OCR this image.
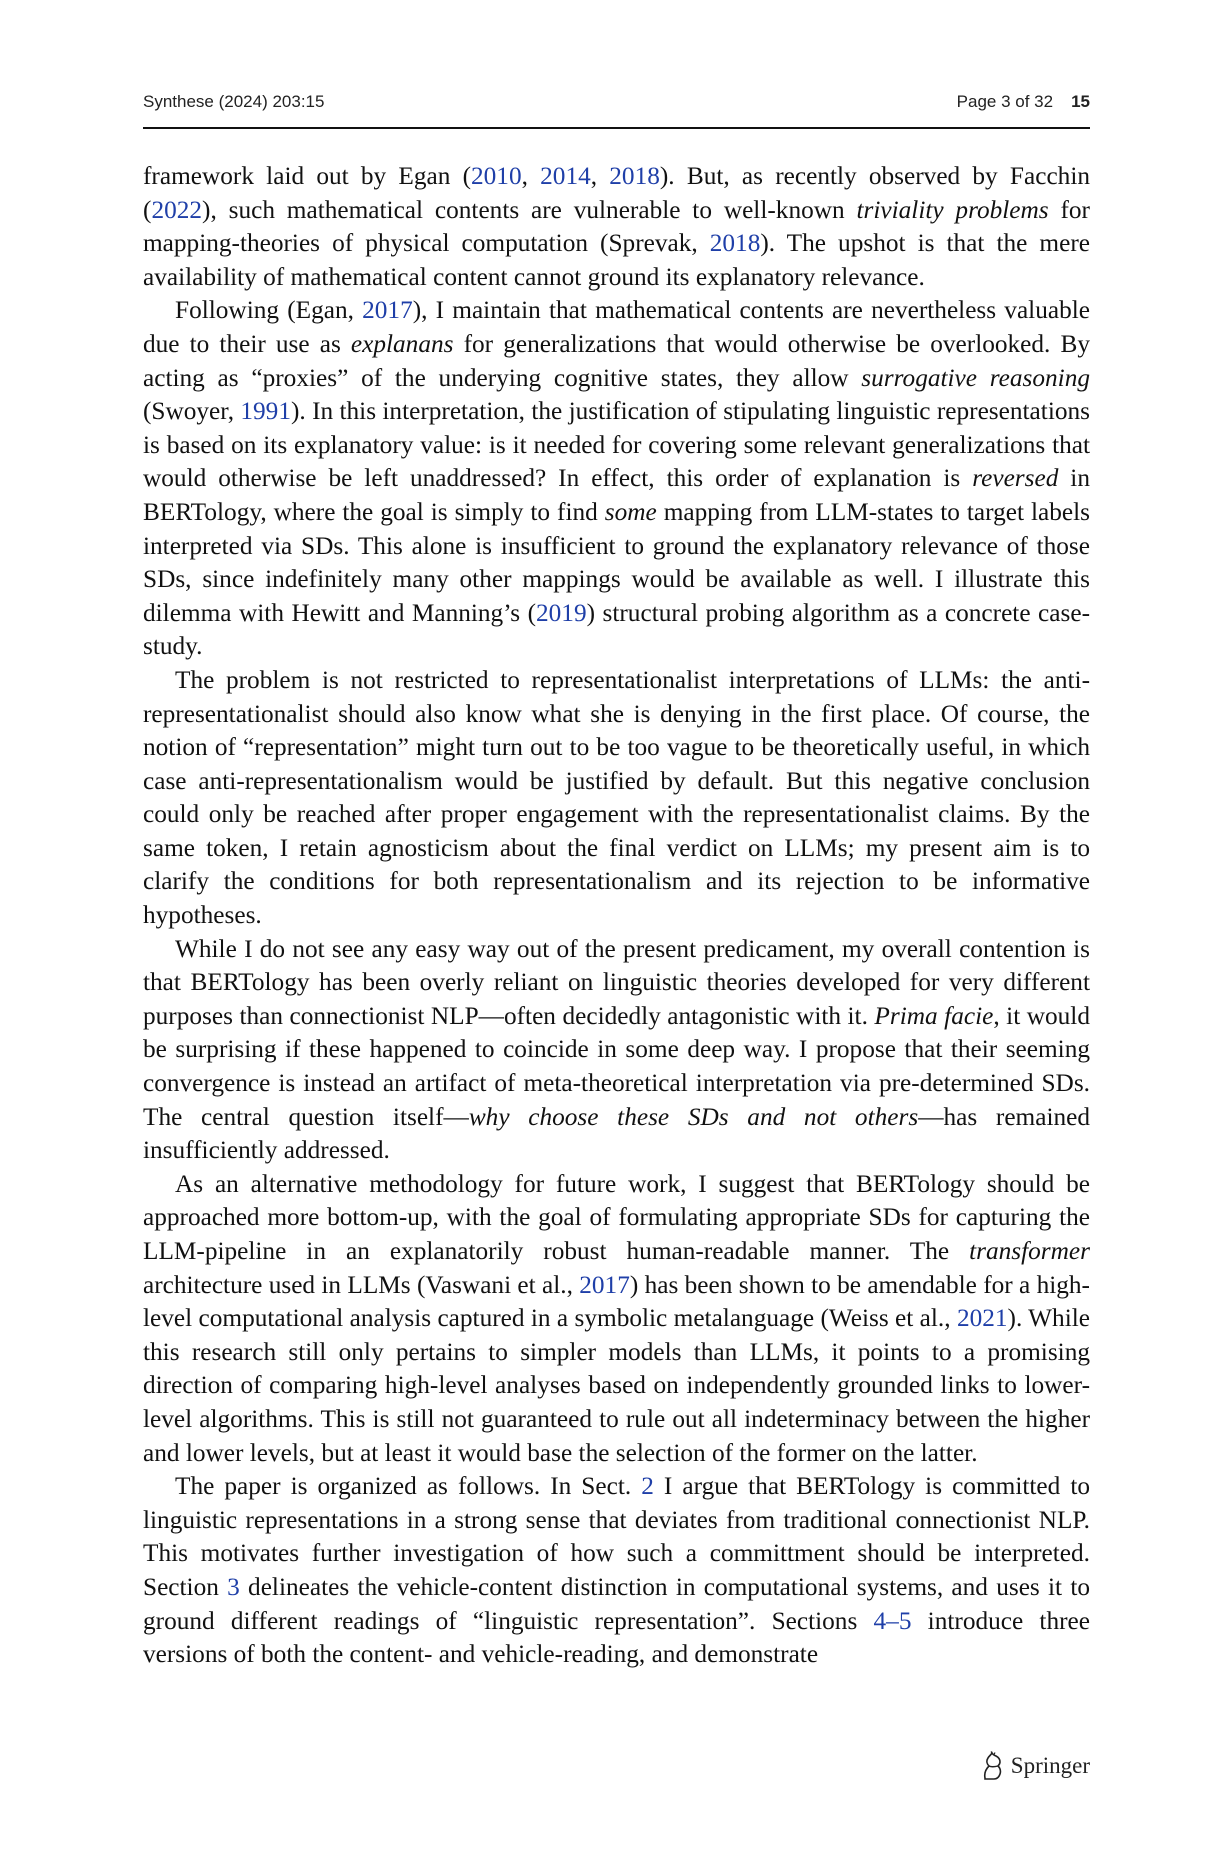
Synthese (2024) 203:15	Page 3 of 32 15

framework laid out by Egan (2010, 2014, 2018). But, as recently observed by Facchin (2022), such mathematical contents are vulnerable to well-known triviality problems for mapping-theories of physical computation (Sprevak, 2018). The upshot is that the mere availability of mathematical content cannot ground its explanatory relevance.

Following (Egan, 2017), I maintain that mathematical contents are nevertheless valuable due to their use as explanans for generalizations that would otherwise be overlooked. By acting as “proxies” of the underying cognitive states, they allow surrogative reasoning (Swoyer, 1991). In this interpretation, the justification of stipulating linguistic representations is based on its explanatory value: is it needed for covering some relevant generalizations that would otherwise be left unaddressed? In effect, this order of explanation is reversed in BERTology, where the goal is simply to find some mapping from LLM-states to target labels interpreted via SDs. This alone is insufficient to ground the explanatory relevance of those SDs, since indefinitely many other mappings would be available as well. I illustrate this dilemma with Hewitt and Manning’s (2019) structural probing algorithm as a concrete case-study.

The problem is not restricted to representationalist interpretations of LLMs: the anti-representationalist should also know what she is denying in the first place. Of course, the notion of “representation” might turn out to be too vague to be theoretically useful, in which case anti-representationalism would be justified by default. But this negative conclusion could only be reached after proper engagement with the representationalist claims. By the same token, I retain agnosticism about the final verdict on LLMs; my present aim is to clarify the conditions for both representationalism and its rejection to be informative hypotheses.

While I do not see any easy way out of the present predicament, my overall contention is that BERTology has been overly reliant on linguistic theories developed for very different purposes than connectionist NLP—often decidedly antagonistic with it. Prima facie, it would be surprising if these happened to coincide in some deep way. I propose that their seeming convergence is instead an artifact of meta-theoretical interpretation via pre-determined SDs. The central question itself—why choose these SDs and not others—has remained insufficiently addressed.

As an alternative methodology for future work, I suggest that BERTology should be approached more bottom-up, with the goal of formulating appropriate SDs for capturing the LLM-pipeline in an explanatorily robust human-readable manner. The transformer architecture used in LLMs (Vaswani et al., 2017) has been shown to be amendable for a high-level computational analysis captured in a symbolic metalanguage (Weiss et al., 2021). While this research still only pertains to simpler models than LLMs, it points to a promising direction of comparing high-level analyses based on independently grounded links to lower-level algorithms. This is still not guaranteed to rule out all indeterminacy between the higher and lower levels, but at least it would base the selection of the former on the latter.

The paper is organized as follows. In Sect. 2 I argue that BERTology is committed to linguistic representations in a strong sense that deviates from traditional connectionist NLP. This motivates further investigation of how such a committment should be interpreted. Section 3 delineates the vehicle-content distinction in computational systems, and uses it to ground different readings of “linguistic representation”. Sections 4–5 introduce three versions of both the content- and vehicle-reading, and demonstrate

Springer
